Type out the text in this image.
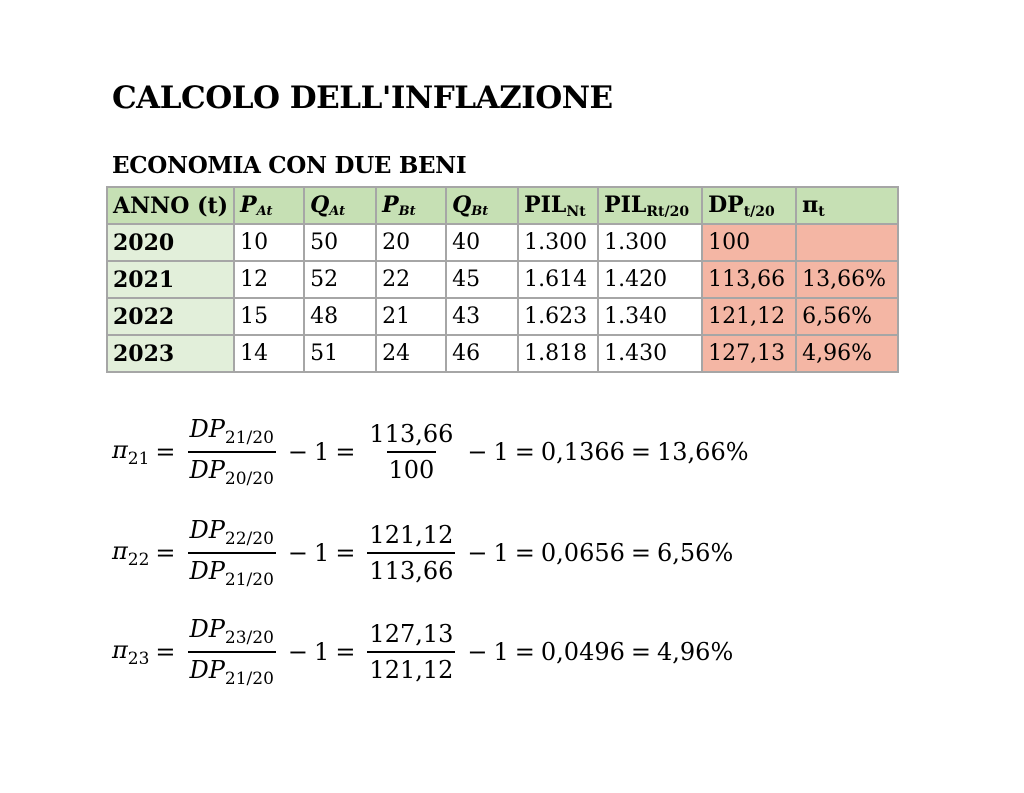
CALCOLO DELL'INFLAZIONE
ECONOMIA CON DUE BENI
ANNO (t)	$P_{At}$	$Q_{At}$	$P_{Bt}$	$Q_{Bt}$	PILNt	PILRt/20	DPt/20	πt
2020	10	50	20	40	1.300	1.300	100	
2021	12	52	22	45	1.614	1.420	113,66	13,66%
2022	15	48	21	43	1.623	1.340	121,12	6,56%
2023	14	51	24	46	1.818	1.430	127,13	4,96%
$\pi_{21} = \frac{DP_{21/20}}{DP_{20/20}} - 1 = \frac{113,66}{100} - 1 = 0,1366 = 13,66\%$
$\pi_{22} = \frac{DP_{22/20}}{DP_{21/20}} - 1 = \frac{121,12}{113,66} - 1 = 0,0656 = 6,56\%$
$\pi_{23} = \frac{DP_{23/20}}{DP_{21/20}} - 1 = \frac{127,13}{121,12} - 1 = 0,0496 = 4,96\%$
